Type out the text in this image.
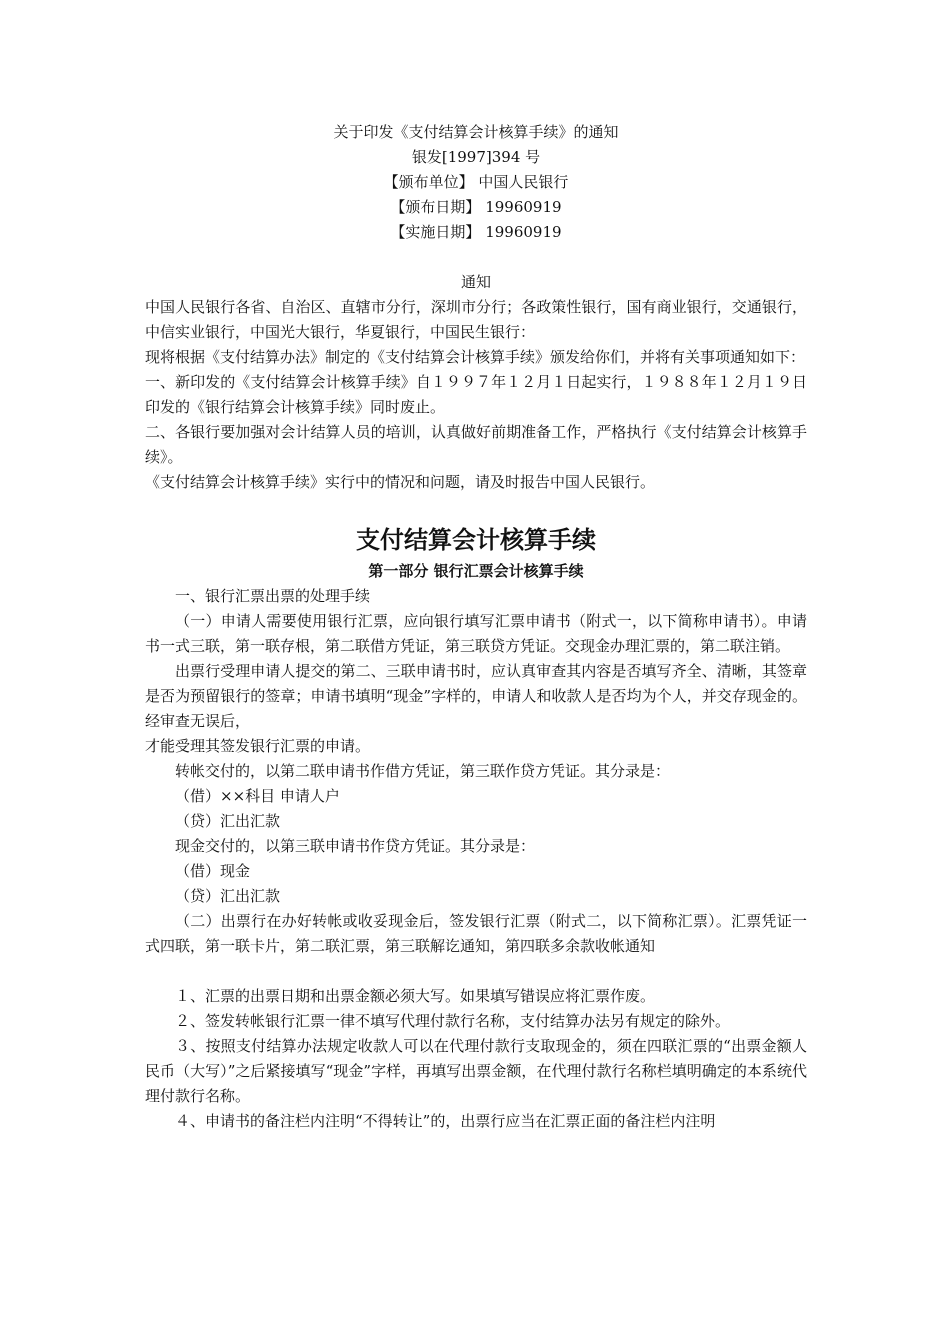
关于印发《支付结算会计核算手续》的通知
银发[1997]394 号
【颁布单位】 中国人民银行
【颁布日期】 19960919
【实施日期】 19960919
通知

中国人民银行各省、自治区、直辖市分行，深圳市分行；各政策性银行，国有商业银行，交通银行，中信实业银行，中国光大银行，华夏银行，中国民生银行：

现将根据《支付结算办法》制定的《支付结算会计核算手续》颁发给你们，并将有关事项通知如下：

一、新印发的《支付结算会计核算手续》自１９９７年１２月１日起实行，１９８８年１２月１９日印发的《银行结算会计核算手续》同时废止。

二、各银行要加强对会计结算人员的培训，认真做好前期准备工作，严格执行《支付结算会计核算手续》。

《支付结算会计核算手续》实行中的情况和问题，请及时报告中国人民银行。

支付结算会计核算手续
第一部分 银行汇票会计核算手续

一、银行汇票出票的处理手续

（一）申请人需要使用银行汇票，应向银行填写汇票申请书（附式一，以下简称申请书）。申请书一式三联，第一联存根，第二联借方凭证，第三联贷方凭证。交现金办理汇票的，第二联注销。

出票行受理申请人提交的第二、三联申请书时，应认真审查其内容是否填写齐全、清晰，其签章是否为预留银行的签章；申请书填明“现金”字样的，申请人和收款人是否均为个人，并交存现金的。经审查无误后，

才能受理其签发银行汇票的申请。

转帐交付的，以第二联申请书作借方凭证，第三联作贷方凭证。其分录是：

（借）××科目 申请人户

（贷）汇出汇款

现金交付的，以第三联申请书作贷方凭证。其分录是：

（借）现金

（贷）汇出汇款

（二）出票行在办好转帐或收妥现金后，签发银行汇票（附式二，以下简称汇票）。汇票凭证一式四联，第一联卡片，第二联汇票，第三联解讫通知，第四联多余款收帐通知

１、汇票的出票日期和出票金额必须大写。如果填写错误应将汇票作废。

２、签发转帐银行汇票一律不填写代理付款行名称，支付结算办法另有规定的除外。

３、按照支付结算办法规定收款人可以在代理付款行支取现金的，须在四联汇票的“出票金额人民币（大写）”之后紧接填写“现金”字样，再填写出票金额，在代理付款行名称栏填明确定的本系统代理付款行名称。

４、申请书的备注栏内注明“不得转让”的，出票行应当在汇票正面的备注栏内注明
